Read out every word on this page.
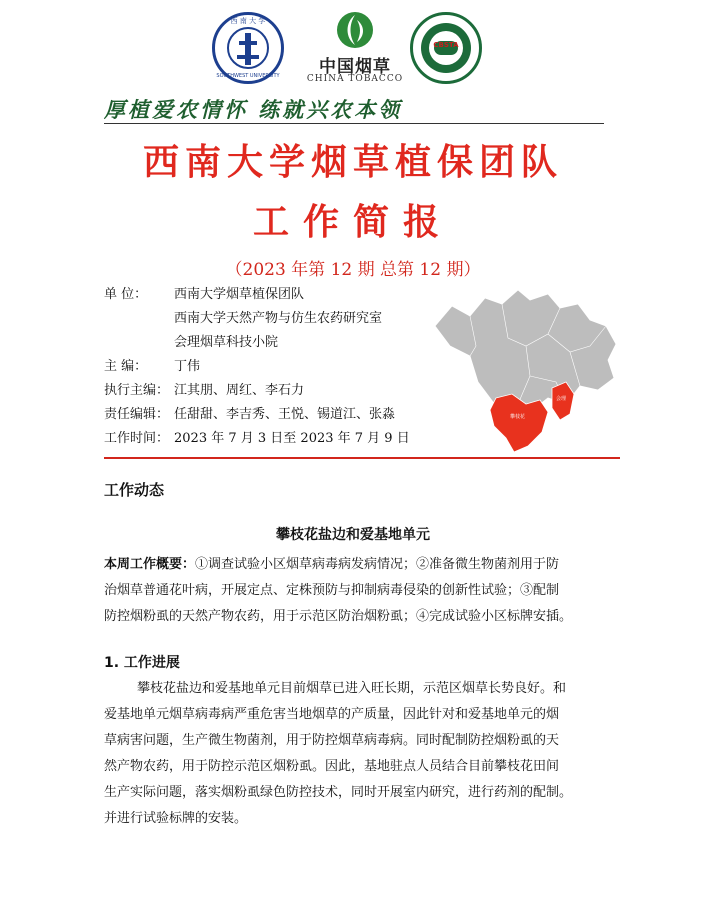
西 南 大 学
SOUTHWEST UNIVERSITY	中国烟草
CHINA TOBACCO
CBSTA
厚植爱农情怀 练就兴农本领
西南大学烟草植保团队
工作简报
（2023 年第 12 期 总第 12 期）
单 位： 西南大学烟草植保团队
西南大学天然产物与仿生农药研究室
会理烟草科技小院
主 编： 丁伟
执行主编： 江其朋、周红、李石力
责任编辑： 任甜甜、李吉秀、王悦、锡道江、张淼
工作时间： 2023 年 7 月 3 日至 2023 年 7 月 9 日
攀枝花
会理
工作动态
攀枝花盐边和爱基地单元
本周工作概要：①调查试验小区烟草病毒病发病情况；②准备微生物菌剂用于防
治烟草普通花叶病，开展定点、定株预防与抑制病毒侵染的创新性试验；③配制
防控烟粉虱的天然产物农药，用于示范区防治烟粉虱；④完成试验小区标牌安插。
1. 工作进展
攀枝花盐边和爱基地单元目前烟草已进入旺长期，示范区烟草长势良好。和
爱基地单元烟草病毒病严重危害当地烟草的产质量，因此针对和爱基地单元的烟
草病害问题，生产微生物菌剂，用于防控烟草病毒病。同时配制防控烟粉虱的天
然产物农药，用于防控示范区烟粉虱。因此，基地驻点人员结合目前攀枝花田间
生产实际问题，落实烟粉虱绿色防控技术，同时开展室内研究，进行药剂的配制。
并进行试验标牌的安装。
